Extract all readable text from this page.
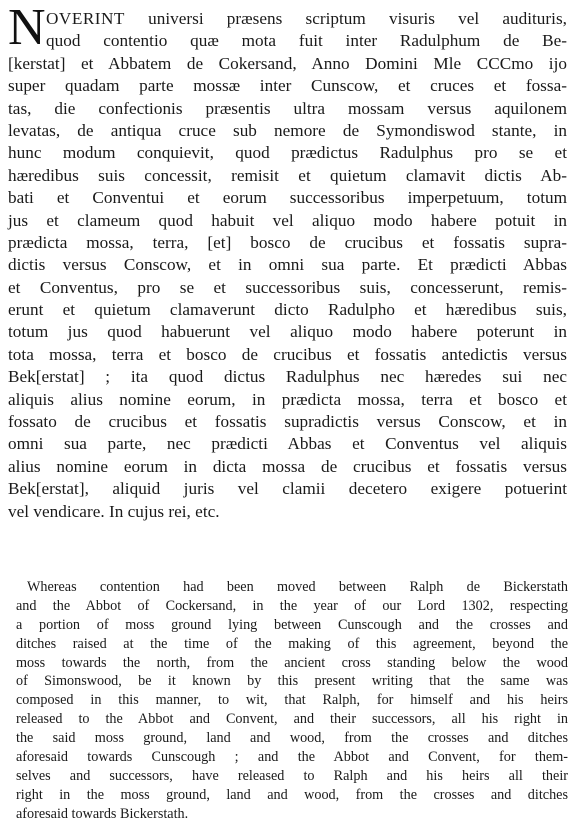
N OVERINT universi præsens scriptum visuris vel audituris,
quod contentio quæ mota fuit inter Radulphum de Be-
[kerstat] et Abbatem de Cokersand, Anno Domini Mle CCCmo ijo
super quadam parte mossæ inter Cunscow, et cruces et fossa-
tas, die confectionis præsentis ultra mossam versus aquilonem
levatas, de antiqua cruce sub nemore de Symondiswod stante, in
hunc modum conquievit, quod prædictus Radulphus pro se et
hæredibus suis concessit, remisit et quietum clamavit dictis Ab-
bati et Conventui et eorum successoribus imperpetuum, totum
jus et clameum quod habuit vel aliquo modo habere potuit in
prædicta mossa, terra, [et] bosco de crucibus et fossatis supra-
dictis versus Conscow, et in omni sua parte. Et prædicti Abbas
et Conventus, pro se et successoribus suis, concesserunt, remis-
erunt et quietum clamaverunt dicto Radulpho et hæredibus suis,
totum jus quod habuerunt vel aliquo modo habere poterunt in
tota mossa, terra et bosco de crucibus et fossatis antedictis versus
Bek[erstat] ; ita quod dictus Radulphus nec hæredes sui nec
aliquis alius nomine eorum, in prædicta mossa, terra et bosco et
fossato de crucibus et fossatis supradictis versus Conscow, et in
omni sua parte, nec prædicti Abbas et Conventus vel aliquis
alius nomine eorum in dicta mossa de crucibus et fossatis versus
Bek[erstat], aliquid juris vel clamii decetero exigere potuerint
vel vendicare. In cujus rei, etc.
Whereas contention had been moved between Ralph de Bickerstath
and the Abbot of Cockersand, in the year of our Lord 1302, respecting
a portion of moss ground lying between Cunscough and the crosses and
ditches raised at the time of the making of this agreement, beyond the
moss towards the north, from the ancient cross standing below the wood
of Simonswood, be it known by this present writing that the same was
composed in this manner, to wit, that Ralph, for himself and his heirs
released to the Abbot and Convent, and their successors, all his right in
the said moss ground, land and wood, from the crosses and ditches
aforesaid towards Cunscough ; and the Abbot and Convent, for them-
selves and successors, have released to Ralph and his heirs all their
right in the moss ground, land and wood, from the crosses and ditches
aforesaid towards Bickerstath.
